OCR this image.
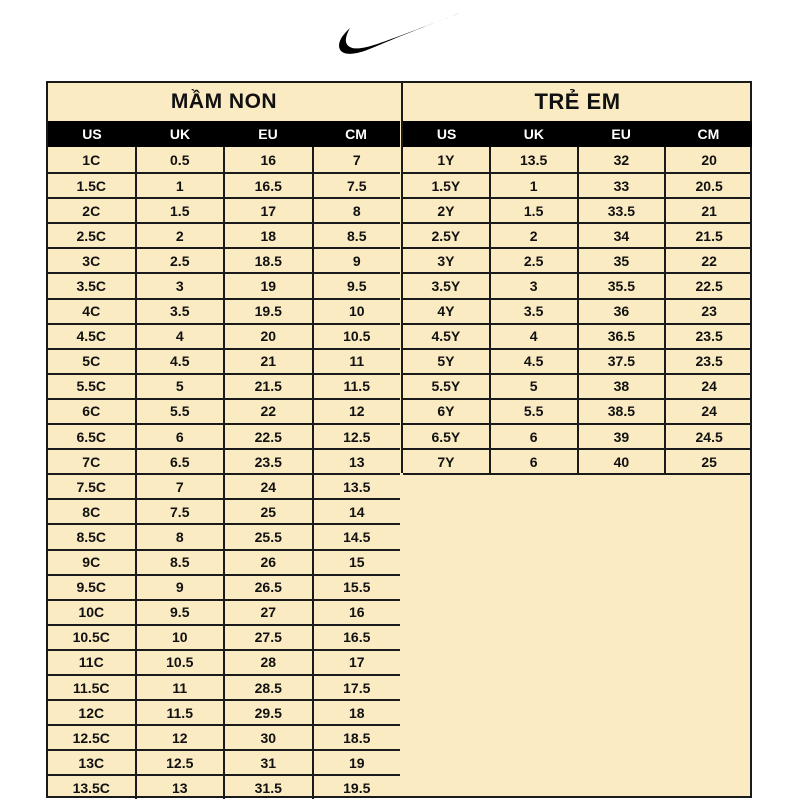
MẦM NON
US	UK	EU	CM
1C	0.5	16	7
1.5C	1	16.5	7.5
2C	1.5	17	8
2.5C	2	18	8.5
3C	2.5	18.5	9
3.5C	3	19	9.5
4C	3.5	19.5	10
4.5C	4	20	10.5
5C	4.5	21	11
5.5C	5	21.5	11.5
6C	5.5	22	12
6.5C	6	22.5	12.5
7C	6.5	23.5	13
7.5C	7	24	13.5
8C	7.5	25	14
8.5C	8	25.5	14.5
9C	8.5	26	15
9.5C	9	26.5	15.5
10C	9.5	27	16
10.5C	10	27.5	16.5
11C	10.5	28	17
11.5C	11	28.5	17.5
12C	11.5	29.5	18
12.5C	12	30	18.5
13C	12.5	31	19
13.5C	13	31.5	19.5
TRẺ EM
US	UK	EU	CM
1Y	13.5	32	20
1.5Y	1	33	20.5
2Y	1.5	33.5	21
2.5Y	2	34	21.5
3Y	2.5	35	22
3.5Y	3	35.5	22.5
4Y	3.5	36	23
4.5Y	4	36.5	23.5
5Y	4.5	37.5	23.5
5.5Y	5	38	24
6Y	5.5	38.5	24
6.5Y	6	39	24.5
7Y	6	40	25
